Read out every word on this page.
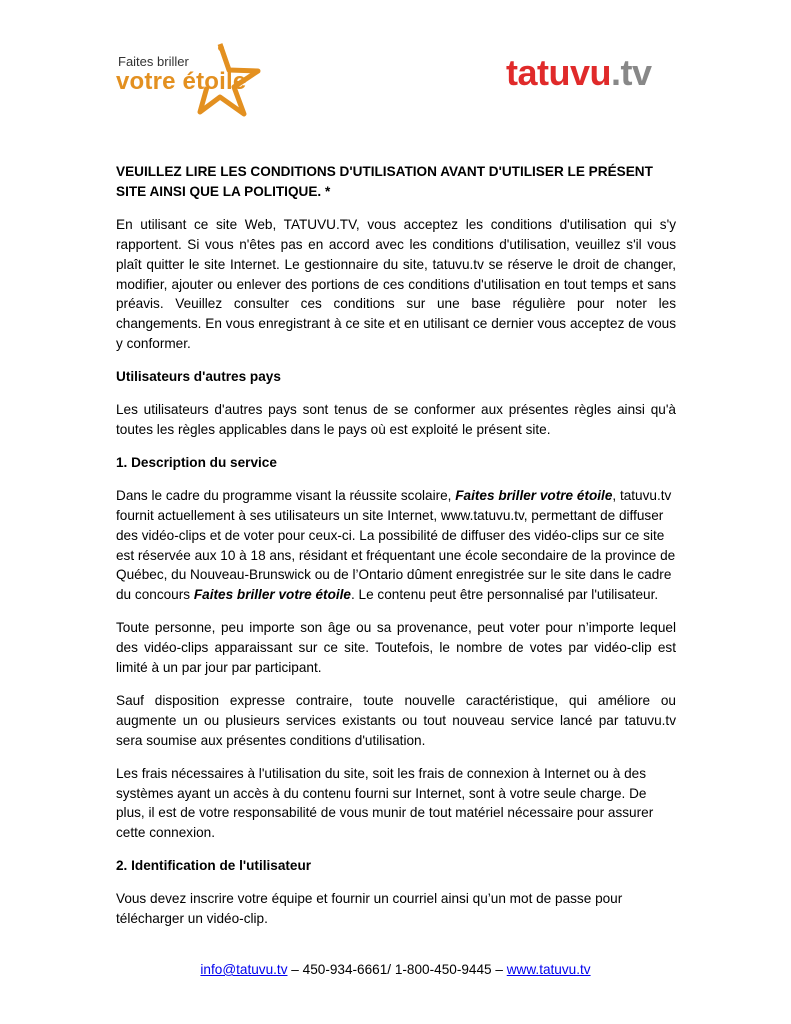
Faites briller
votre étoile	tatuvu.tv

VEUILLEZ LIRE LES CONDITIONS D'UTILISATION AVANT D'UTILISER LE PRÉSENT SITE AINSI QUE LA POLITIQUE. *

En utilisant ce site Web, TATUVU.TV, vous acceptez les conditions d'utilisation qui s'y rapportent. Si vous n'êtes pas en accord avec les conditions d'utilisation, veuillez s'il vous plaît quitter le site Internet. Le gestionnaire du site, tatuvu.tv se réserve le droit de changer, modifier, ajouter ou enlever des portions de ces conditions d'utilisation en tout temps et sans préavis. Veuillez consulter ces conditions sur une base régulière pour noter les changements. En vous enregistrant à ce site et en utilisant ce dernier vous acceptez de vous y conformer.

Utilisateurs d'autres pays

Les utilisateurs d'autres pays sont tenus de se conformer aux présentes règles ainsi qu'à toutes les règles applicables dans le pays où est exploité le présent site.

1. Description du service

Dans le cadre du programme visant la réussite scolaire, Faites briller votre étoile, tatuvu.tv fournit actuellement à ses utilisateurs un site Internet, www.tatuvu.tv, permettant de diffuser des vidéo-clips et de voter pour ceux-ci. La possibilité de diffuser des vidéo-clips sur ce site est réservée aux 10 à 18 ans, résidant et fréquentant une école secondaire de la province de Québec, du Nouveau-Brunswick ou de l’Ontario dûment enregistrée sur le site dans le cadre du concours Faites briller votre étoile. Le contenu peut être personnalisé par l'utilisateur.

Toute personne, peu importe son âge ou sa provenance, peut voter pour n’importe lequel des vidéo-clips apparaissant sur ce site. Toutefois, le nombre de votes par vidéo-clip est limité à un par jour par participant.

Sauf disposition expresse contraire, toute nouvelle caractéristique, qui améliore ou augmente un ou plusieurs services existants ou tout nouveau service lancé par tatuvu.tv sera soumise aux présentes conditions d'utilisation.

Les frais nécessaires à l'utilisation du site, soit les frais de connexion à Internet ou à des systèmes ayant un accès à du contenu fourni sur Internet, sont à votre seule charge. De plus, il est de votre responsabilité de vous munir de tout matériel nécessaire pour assurer cette connexion.

2. Identification de l'utilisateur

Vous devez inscrire votre équipe et fournir un courriel ainsi qu’un mot de passe pour télécharger un vidéo-clip.

info@tatuvu.tv – 450-934-6661/ 1-800-450-9445 – www.tatuvu.tv
